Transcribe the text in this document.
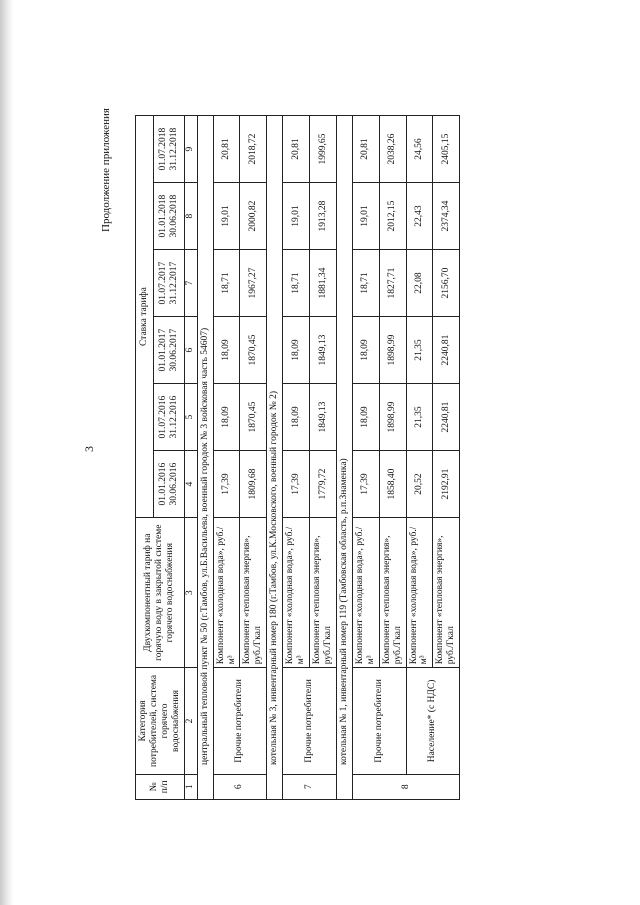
3
Продолжение приложения
№ п/п	Категория потребителей, система горячего водоснабжения	Двухкомпонентный тариф на горячую воду в закрытой системе горячего водоснабжения	Ставка тарифа					
			01.01.2016 30.06.2016	01.07.2016 31.12.2016	01.01.2017 30.06.2017	01.07.2017 31.12.2017	01.01.2018 30.06.2018	01.07.2018 31.12.2018
1	2	3	4	5	6	7	8	9
центральный тепловой пункт № 50 (г.Тамбов, ул.Б.Васильева, военный городок № 3 войсковая часть 54607)								
6	Прочие потребители	Компонент «холодная вода», руб./м³	17,39	18,09	18,09	18,71	19,01	20,81
		Компонент «тепловая энергия», руб./Гкал	1809,68	1870,45	1870,45	1967,27	2000,82	2018,72
котельная № 3, инвентарный номер 180 (г.Тамбов, ул.К.Московского, военный городок № 2)								
7	Прочие потребители	Компонент «холодная вода», руб./м³	17,39	18,09	18,09	18,71	19,01	20,81
		Компонент «тепловая энергия», руб./Гкал	1779,72	1849,13	1849,13	1881,34	1913,28	1999,65
котельная № 1, инвентарный номер 119 (Тамбовская область, р.п.Знаменка)								
8	Прочие потребители	Компонент «холодная вода», руб./м³	17,39	18,09	18,09	18,71	19,01	20,81
		Компонент «тепловая энергия», руб./Гкал	1858,40	1898,99	1898,99	1827,71	2012,15	2038,26
	Население* (с НДС)	Компонент «холодная вода», руб./м³	20,52	21,35	21,35	22,08	22,43	24,56
		Компонент «тепловая энергия», руб./Гкал	2192,91	2240,81	2240,81	2156,70	2374,34	2405,15
